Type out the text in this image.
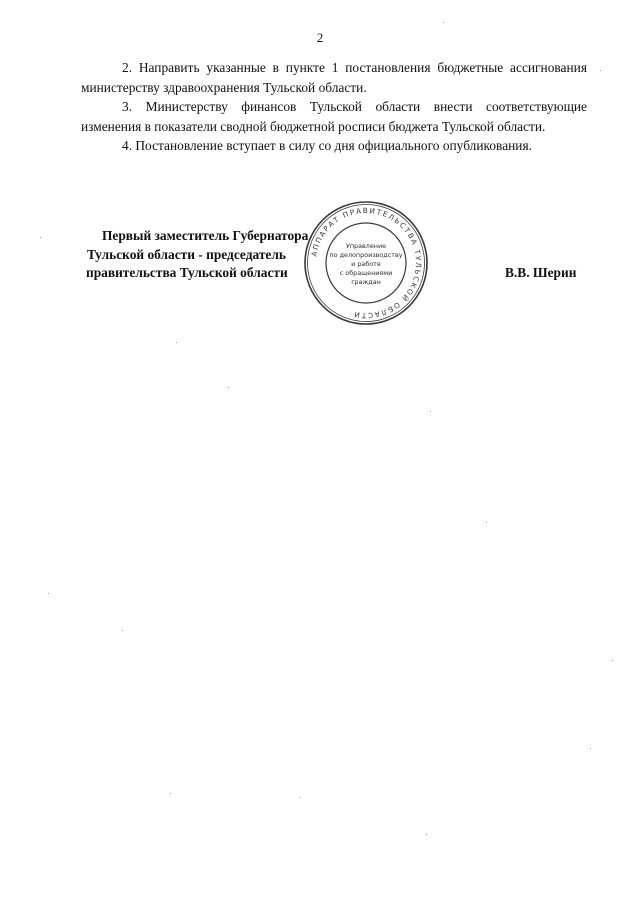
2

2. Направить указанные в пункте 1 постановления бюджетные ассигнования министерству здравоохранения Тульской области.

3. Министерству финансов Тульской области внести соответствующие изменения в показатели сводной бюджетной росписи бюджета Тульской области.

4. Постановление вступает в силу со дня официального опубликования.

Первый заместитель Губернатора
Тульской области - председатель
правительства Тульской области	В.В. Шерин
АППАРАТ ПРАВИТЕЛЬСТВА ТУЛЬСКОЙ ОБЛАСТИ
Управление
по делопроизводству
и работе
с обращениями
граждан
